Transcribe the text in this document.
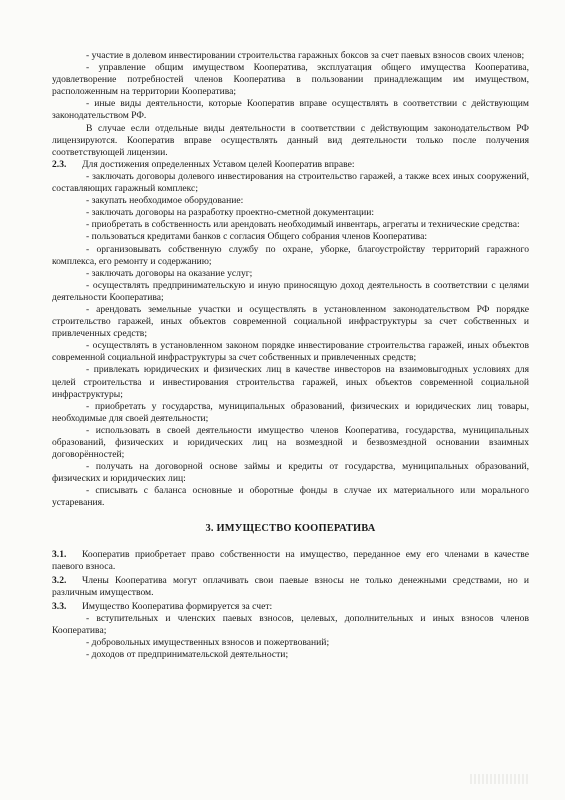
- участие в долевом инвестировании строительства гаражных боксов за счет паевых взносов своих членов;

- управление общим имуществом Кооператива, эксплуатация общего имущества Кооператива, удовлетворение потребностей членов Кооператива в пользовании принадлежащим им имуществом, расположенным на территории Кооператива;

- иные виды деятельности, которые Кооператив вправе осуществлять в соответствии с действующим законодательством РФ.

В случае если отдельные виды деятельности в соответствии с действующим законодательством РФ лицензируются. Кооператив вправе осуществлять данный вид деятельности только после получения соответствующей лицензии.

2.3. Для достижения определенных Уставом целей Кооператив вправе:

- заключать договоры долевого инвестирования на строительство гаражей, а также всех иных сооружений, составляющих гаражный комплекс;

- закупать необходимое оборудование:

- заключать договоры на разработку проектно-сметной документации:

- приобретать в собственность или арендовать необходимый инвентарь, агрегаты и технические средства:

- пользоваться кредитами банков с согласия Общего собрания членов Кооператива:

- организовывать собственную службу по охране, уборке, благоустройству территорий гаражного комплекса, его ремонту и содержанию;

- заключать договоры на оказание услуг;

- осуществлять предпринимательскую и иную приносящую доход деятельность в соответствии с целями деятельности Кооператива;

- арендовать земельные участки и осуществлять в установленном законодательством РФ порядке строительство гаражей, иных объектов современной социальной инфраструктуры за счет собственных и привлеченных средств;

- осуществлять в установленном законом порядке инвестирование строительства гаражей, иных объектов современной социальной инфраструктуры за счет собственных и привлеченных средств;

- привлекать юридических и физических лиц в качестве инвесторов на взаимовыгодных условиях для целей строительства и инвестирования строительства гаражей, иных объектов современной социальной инфраструктуры;

- приобретать у государства, муниципальных образований, физических и юридических лиц товары, необходимые для своей деятельности;

- использовать в своей деятельности имущество членов Кооператива, государства, муниципальных образований, физических и юридических лиц на возмездной и безвозмездной основании взаимных договорённостей;

- получать на договорной основе займы и кредиты от государства, муниципальных образований, физических и юридических лиц:

- списывать с баланса основные и оборотные фонды в случае их материального или морального устаревания.

3. ИМУЩЕСТВО КООПЕРАТИВА

3.1. Кооператив приобретает право собственности на имущество, переданное ему его членами в качестве паевого взноса.

3.2. Члены Кооператива могут оплачивать свои паевые взносы не только денежными средствами, но и различным имуществом.

3.3. Имущество Кооператива формируется за счет:

- вступительных и членских паевых взносов, целевых, дополнительных и иных взносов членов Кооператива;

- добровольных имущественных взносов и пожертвований;

- доходов от предпринимательской деятельности;
